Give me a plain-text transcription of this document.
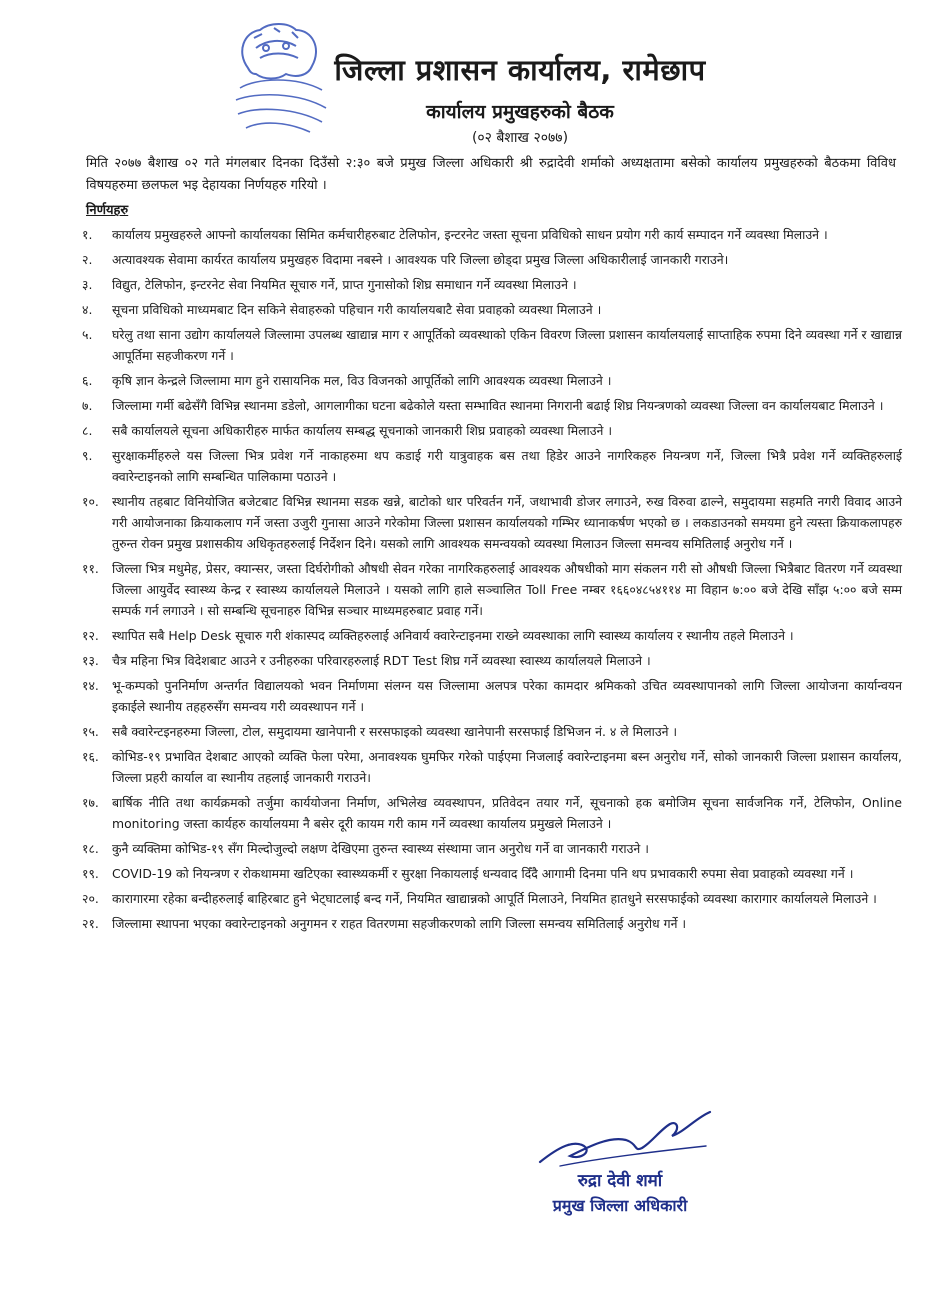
जिल्ला प्रशासन कार्यालय, रामेछाप
कार्यालय प्रमुखहरुको बैठक
(०२ बैशाख २०७७)
मिति २०७७ बैशाख ०२ गते मंगलबार दिनका दिउँसो २:३० बजे प्रमुख जिल्ला अधिकारी श्री रुद्रादेवी शर्माको अध्यक्षतामा बसेको कार्यालय प्रमुखहरुको बैठकमा विविध विषयहरुमा छलफल भइ देहायका निर्णयहरु गरियो ।
निर्णयहरु
१.	कार्यालय प्रमुखहरुले आफ्नो कार्यालयका सिमित कर्मचारीहरुबाट टेलिफोन, इन्टरनेट जस्ता सूचना प्रविधिको साधन प्रयोग गरी कार्य सम्पादन गर्ने व्यवस्था मिलाउने ।
२.	अत्यावश्यक सेवामा कार्यरत कार्यालय प्रमुखहरु विदामा नबस्ने । आवश्यक परि जिल्ला छोड्दा प्रमुख जिल्ला अधिकारीलाई जानकारी गराउने।
३.	विद्युत, टेलिफोन, इन्टरनेट सेवा नियमित सूचारु गर्ने, प्राप्त गुनासोको शिघ्र समाधान गर्ने व्यवस्था मिलाउने ।
४.	सूचना प्रविधिको माध्यमबाट दिन सकिने सेवाहरुको पहिचान गरी कार्यालयबाटै सेवा प्रवाहको व्यवस्था मिलाउने ।
५.	घरेलु तथा साना उद्योग कार्यालयले जिल्लामा उपलब्ध खाद्यान्न माग र आपूर्तिको व्यवस्थाको एकिन विवरण जिल्ला प्रशासन कार्यालयलाई साप्ताहिक रुपमा दिने व्यवस्था गर्ने र खाद्यान्न आपूर्तिमा सहजीकरण गर्ने ।
६.	कृषि ज्ञान केन्द्रले जिल्लामा माग हुने रासायनिक मल, विउ विजनको आपूर्तिको लागि आवश्यक व्यवस्था मिलाउने ।
७.	जिल्लामा गर्मी बढेसँगै विभिन्न स्थानमा डडेलो, आगलागीका घटना बढेकोले यस्ता सम्भावित स्थानमा निगरानी बढाई शिघ्र नियन्त्रणको व्यवस्था जिल्ला वन कार्यालयबाट मिलाउने ।
८.	सबै कार्यालयले सूचना अधिकारीहरु मार्फत कार्यालय सम्बद्ध सूचनाको जानकारी शिघ्र प्रवाहको व्यवस्था मिलाउने ।
९.	सुरक्षाकर्मीहरुले यस जिल्ला भित्र प्रवेश गर्ने नाकाहरुमा थप कडाई गरी यात्रुवाहक बस तथा हिडेर आउने नागरिकहरु नियन्त्रण गर्ने, जिल्ला भित्रै प्रवेश गर्ने व्यक्तिहरुलाई क्वारेन्टाइनको लागि सम्बन्धित पालिकामा पठाउने ।
१०.	स्थानीय तहबाट विनियोजित बजेटबाट विभिन्न स्थानमा सडक खन्ने, बाटोको धार परिवर्तन गर्ने, जथाभावी डोजर लगाउने, रुख विरुवा ढाल्ने, समुदायमा सहमति नगरी विवाद आउने गरी आयोजनाका क्रियाकलाप गर्ने जस्ता उजुरी गुनासा आउने गरेकोमा जिल्ला प्रशासन कार्यालयको गम्भिर ध्यानाकर्षण भएको छ । लकडाउनको समयमा हुने त्यस्ता क्रियाकलापहरु तुरुन्त रोक्न प्रमुख प्रशासकीय अधिकृतहरुलाई निर्देशन दिने। यसको लागि आवश्यक समन्वयको व्यवस्था मिलाउन जिल्ला समन्वय समितिलाई अनुरोध गर्ने ।
११.	जिल्ला भित्र मधुमेह, प्रेसर, क्यान्सर, जस्ता दिर्घरोगीको औषधी सेवन गरेका नागरिकहरुलाई आवश्यक औषधीको माग संकलन गरी सो औषधी जिल्ला भित्रैबाट वितरण गर्ने व्यवस्था जिल्ला आयुर्वेद स्वास्थ्य केन्द्र र स्वास्थ्य कार्यालयले मिलाउने । यसको लागि हाले सञ्चालित Toll Free नम्बर १६६०४८५४११४ मा विहान ७:०० बजे देखि साँझ ५:०० बजे सम्म सम्पर्क गर्न लगाउने । सो सम्बन्धि सूचनाहरु विभिन्न सञ्चार माध्यमहरुबाट प्रवाह गर्ने।
१२.	स्थापित सबै Help Desk सूचारु गरी शंकास्पद व्यक्तिहरुलाई अनिवार्य क्वारेन्टाइनमा राख्ने व्यवस्थाका लागि स्वास्थ्य कार्यालय र स्थानीय तहले मिलाउने ।
१३.	चैत्र महिना भित्र विदेशबाट आउने र उनीहरुका परिवारहरुलाई RDT Test शिघ्र गर्ने व्यवस्था स्वास्थ्य कार्यालयले मिलाउने ।
१४.	भू-कम्पको पुननिर्माण अन्तर्गत विद्यालयको भवन निर्माणमा संलग्न यस जिल्लामा अलपत्र परेका कामदार श्रमिकको उचित व्यवस्थापानको लागि जिल्ला आयोजना कार्यान्वयन इकाईले स्थानीय तहहरुसँग समन्वय गरी व्यवस्थापन गर्ने ।
१५.	सबै क्वारेन्टइनहरुमा जिल्ला, टोल, समुदायमा खानेपानी र सरसफाइको व्यवस्था खानेपानी सरसफाई डिभिजन नं. ४ ले मिलाउने ।
१६.	कोभिड-१९ प्रभावित देशबाट आएको व्यक्ति फेला परेमा, अनावश्यक घुमफिर गरेको पाईएमा निजलाई क्वारेन्टाइनमा बस्न अनुरोध गर्ने, सोको जानकारी जिल्ला प्रशासन कार्यालय, जिल्ला प्रहरी कार्याल वा स्थानीय तहलाई जानकारी गराउने।
१७.	बार्षिक नीति तथा कार्यक्रमको तर्जुमा कार्ययोजना निर्माण, अभिलेख व्यवस्थापन, प्रतिवेदन तयार गर्ने, सूचनाको हक बमोजिम सूचना सार्वजनिक गर्ने, टेलिफोन, Online monitoring जस्ता कार्यहरु कार्यालयमा नै बसेर दूरी कायम गरी काम गर्ने व्यवस्था कार्यालय प्रमुखले मिलाउने ।
१८.	कुनै व्यक्तिमा कोभिड-१९ सँग मिल्दोजुल्दो लक्षण देखिएमा तुरुन्त स्वास्थ्य संस्थामा जान अनुरोध गर्ने वा जानकारी गराउने ।
१९.	COVID-19 को नियन्त्रण र रोकथाममा खटिएका स्वास्थ्यकर्मी र सुरक्षा निकायलाई धन्यवाद दिँदै आगामी दिनमा पनि थप प्रभावकारी रुपमा सेवा प्रवाहको व्यवस्था गर्ने ।
२०.	कारागारमा रहेका बन्दीहरुलाई बाहिरबाट हुने भेट्घाटलाई बन्द गर्ने, नियमित खाद्यान्नको आपूर्ति मिलाउने, नियमित हातधुने सरसफाईको व्यवस्था कारागार कार्यालयले मिलाउने ।
२१.	जिल्लामा स्थापना भएका क्वारेन्टाइनको अनुगमन र राहत वितरणमा सहजीकरणको लागि जिल्ला समन्वय समितिलाई अनुरोध गर्ने ।
रुद्रा देवी शर्मा
प्रमुख जिल्ला अधिकारी
